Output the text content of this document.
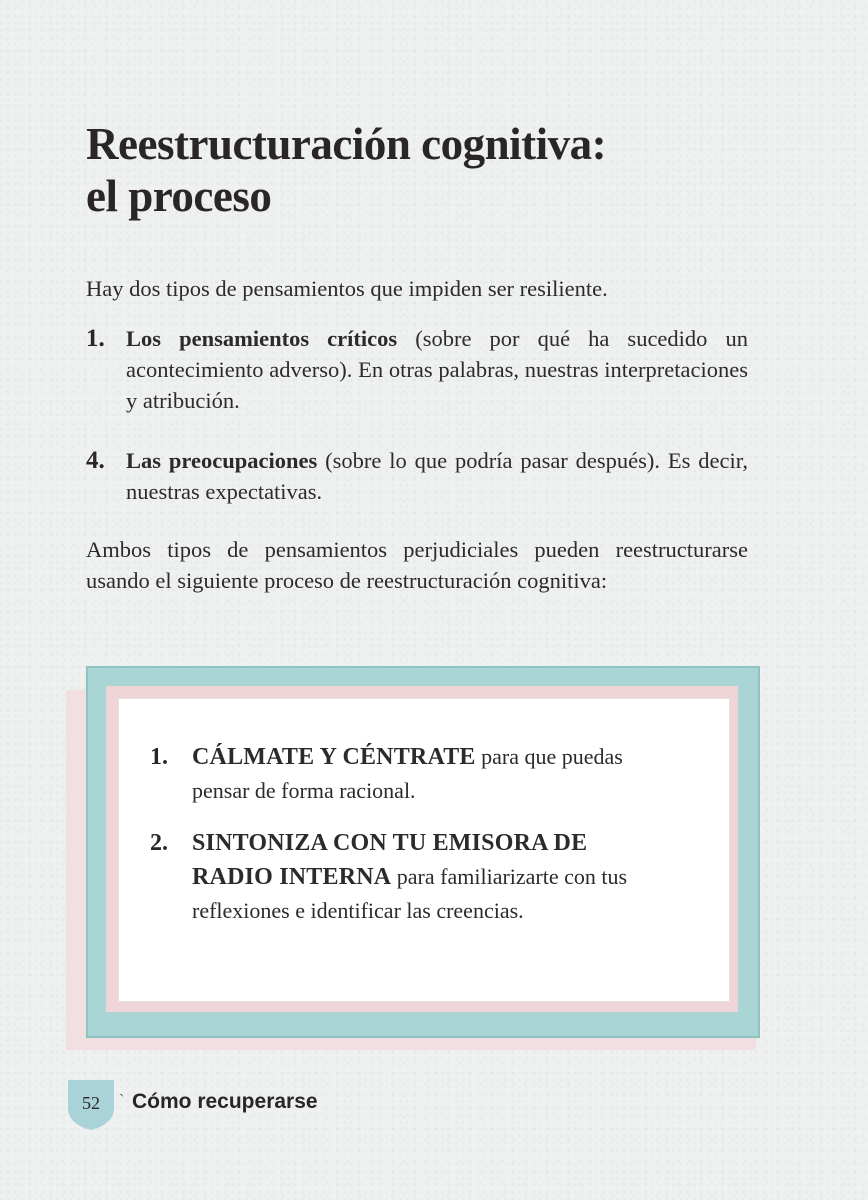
Reestructuración cognitiva:
el proceso

Hay dos tipos de pensamientos que impiden ser resiliente.

1. Los pensamientos críticos (sobre por qué ha sucedido un acontecimiento adverso). En otras palabras, nuestras interpretaciones y atribución.
4. Las preocupaciones (sobre lo que podría pasar después). Es decir, nuestras expectativas.

Ambos tipos de pensamientos perjudiciales pueden reestructurarse usando el siguiente proceso de reestructuración cognitiva:

1. CÁLMATE Y CÉNTRATE para que puedas pensar de forma racional.
2. SINTONIZA CON TU EMISORA DE RADIO INTERNA para familiarizarte con tus reflexiones e identificar las creencias.
52	` Cómo recuperarse
